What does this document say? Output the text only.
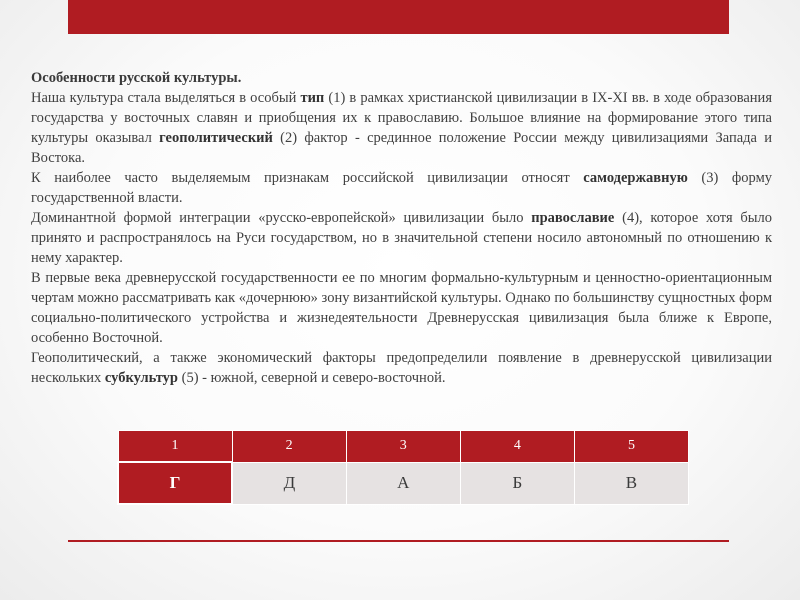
Особенности русской культуры.

Наша культура стала выделяться в особый тип (1) в рамках христианской цивилизации в IX-XI вв. в ходе образования государства у восточных славян и приобщения их к православию. Большое влияние на формирование этого типа культуры оказывал геополитический (2) фактор - срединное положение России между цивилизациями Запада и Востока.

К наиболее часто выделяемым признакам российской цивилизации относят самодержавную (3) форму государственной власти.

Доминантной формой интеграции «русско-европейской» цивилизации было православие (4), которое хотя было принято и распространялось на Руси государством, но в значительной степени носило автономный по отношению к нему характер.

В первые века древнерусской государственности ее по многим формально-культурным и ценностно-ориентационным чертам можно рассматривать как «дочернюю» зону византийской культуры. Однако по большинству сущностных форм социально-политического устройства и жизнедеятельности Древнерусская цивилизация была ближе к Европе, особенно Восточной.

Геополитический, а также экономический факторы предопределили появление в древнерусской цивилизации нескольких субкультур (5) - южной, северной и северо-восточной.

1	2	3	4	5
Г	Д	А	Б	В
